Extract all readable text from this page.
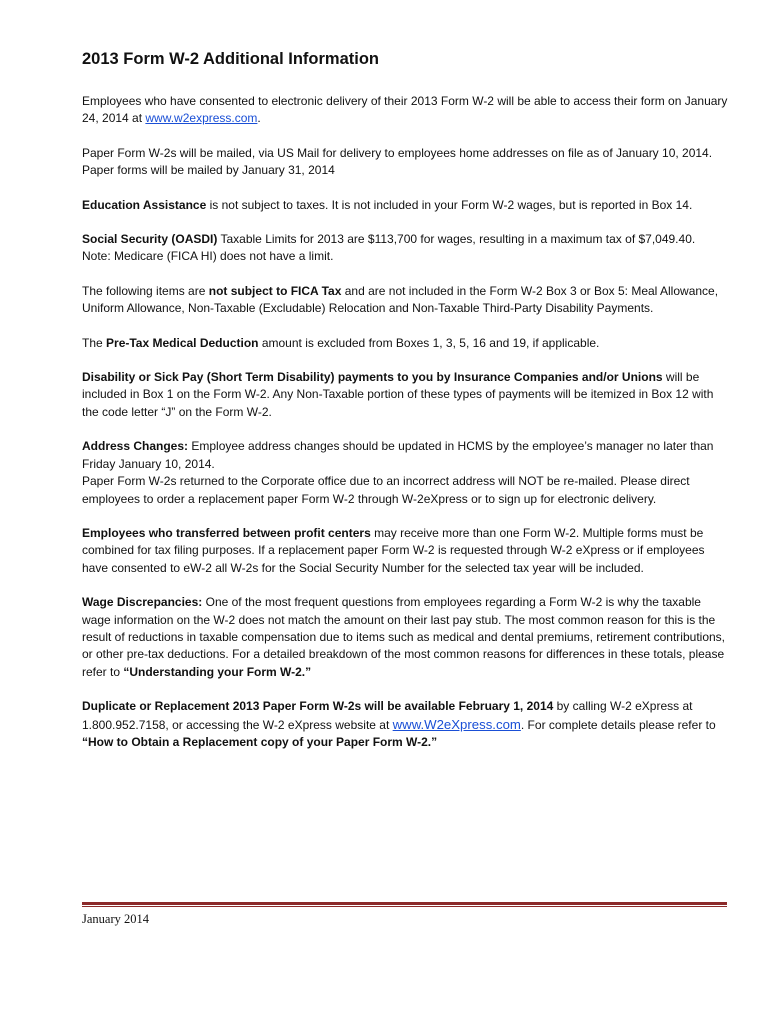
2013 Form W-2 Additional Information

Employees who have consented to electronic delivery of their 2013 Form W-2 will be able to access their form on January 24, 2014 at www.w2express.com.

Paper Form W-2s will be mailed, via US Mail for delivery to employees home addresses on file as of January 10, 2014. Paper forms will be mailed by January 31, 2014

Education Assistance is not subject to taxes. It is not included in your Form W-2 wages, but is reported in Box 14.

Social Security (OASDI) Taxable Limits for 2013 are $113,700 for wages, resulting in a maximum tax of $7,049.40.
Note: Medicare (FICA HI) does not have a limit.

The following items are not subject to FICA Tax and are not included in the Form W-2 Box 3 or Box 5: Meal Allowance, Uniform Allowance, Non-Taxable (Excludable) Relocation and Non-Taxable Third-Party Disability Payments.

The Pre-Tax Medical Deduction amount is excluded from Boxes 1, 3, 5, 16 and 19, if applicable.

Disability or Sick Pay (Short Term Disability) payments to you by Insurance Companies and/or Unions will be included in Box 1 on the Form W-2. Any Non-Taxable portion of these types of payments will be itemized in Box 12 with the code letter “J” on the Form W-2.

Address Changes: Employee address changes should be updated in HCMS by the employee’s manager no later than Friday January 10, 2014.
Paper Form W-2s returned to the Corporate office due to an incorrect address will NOT be re-mailed. Please direct employees to order a replacement paper Form W-2 through W-2eXpress or to sign up for electronic delivery.

Employees who transferred between profit centers may receive more than one Form W-2. Multiple forms must be combined for tax filing purposes. If a replacement paper Form W-2 is requested through W-2 eXpress or if employees have consented to eW-2 all W-2s for the Social Security Number for the selected tax year will be included.

Wage Discrepancies: One of the most frequent questions from employees regarding a Form W-2 is why the taxable wage information on the W-2 does not match the amount on their last pay stub. The most common reason for this is the result of reductions in taxable compensation due to items such as medical and dental premiums, retirement contributions, or other pre-tax deductions. For a detailed breakdown of the most common reasons for differences in these totals, please refer to “Understanding your Form W-2.”

Duplicate or Replacement 2013 Paper Form W-2s will be available February 1, 2014 by calling W-2 eXpress at 1.800.952.7158, or accessing the W-2 eXpress website at www.W2eXpress.com. For complete details please refer to “How to Obtain a Replacement copy of your Paper Form W-2.”

January 2014
